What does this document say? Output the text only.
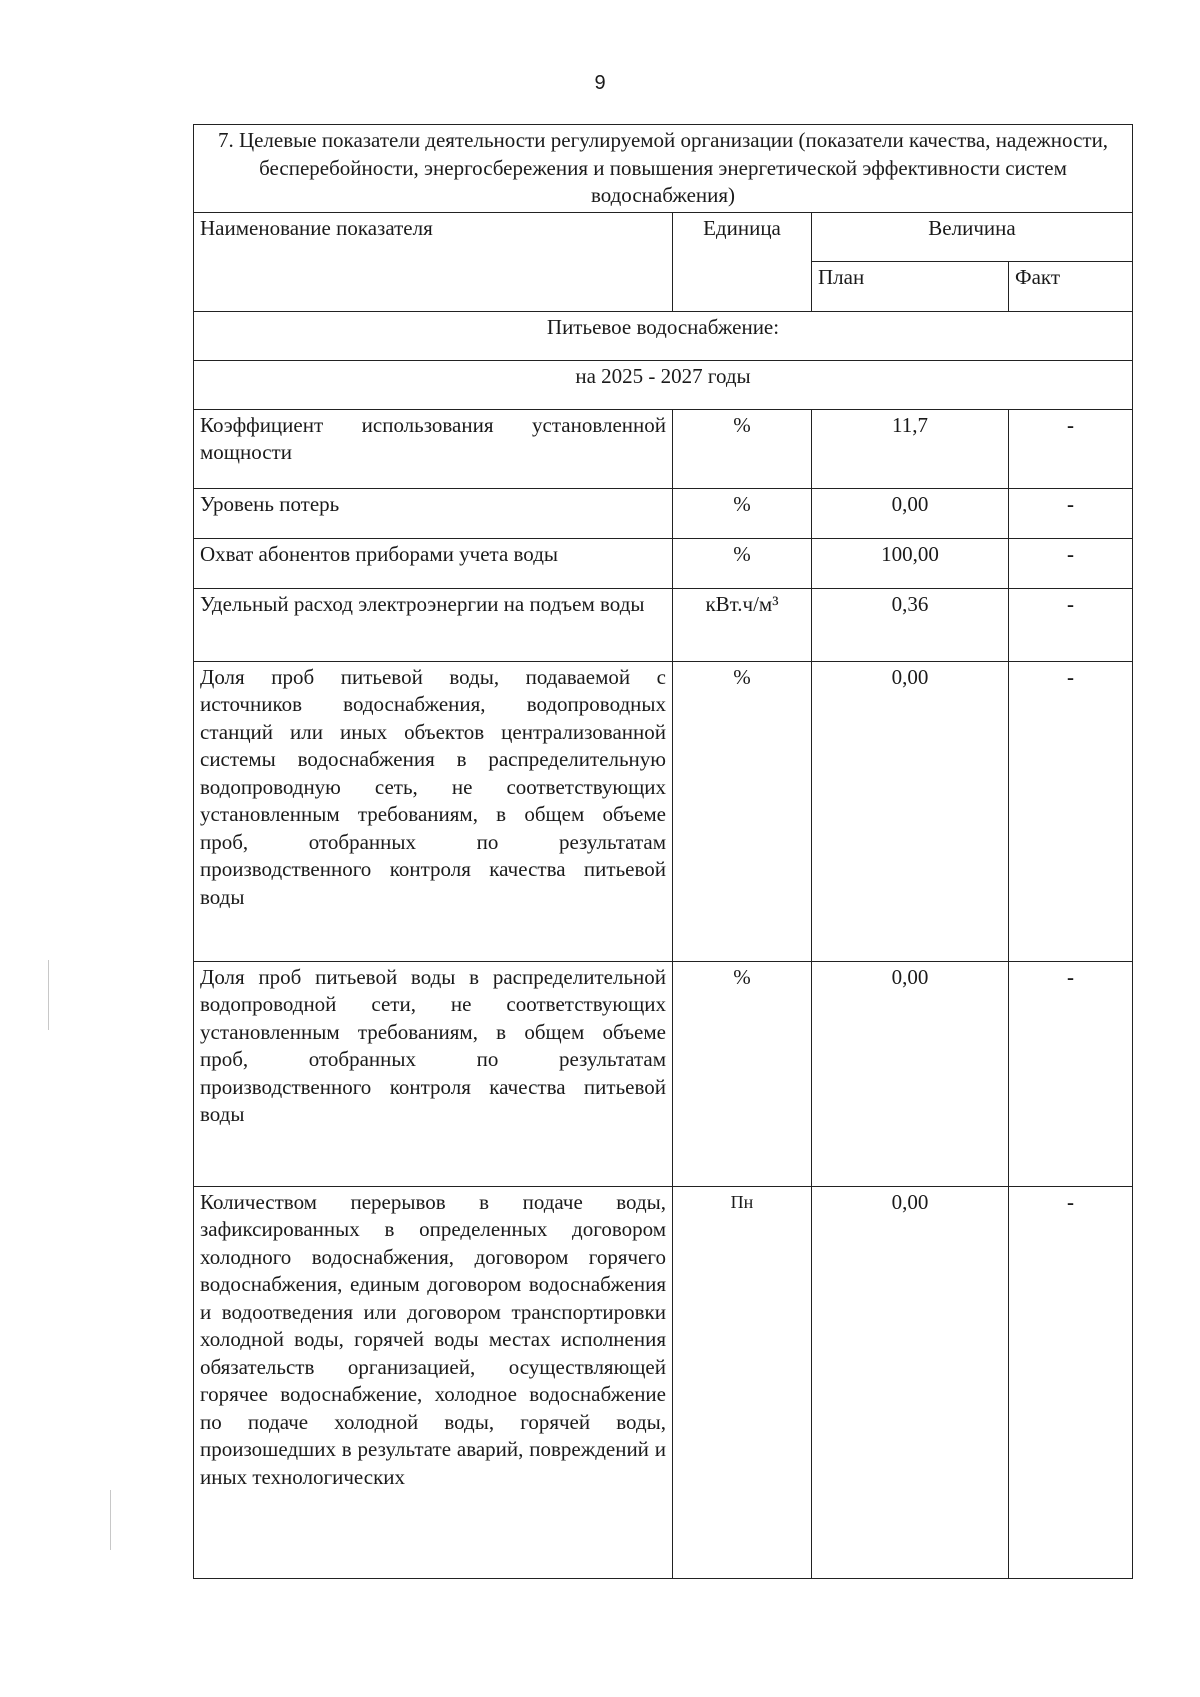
9
7. Целевые показатели деятельности регулируемой организации (показатели качества, надежности, бесперебойности, энергосбережения и повышения энергетической эффективности систем водоснабжения)			
Наименование показателя	Единица	Величина	
		План	Факт
Питьевое водоснабжение:			
на 2025 - 2027 годы			
Коэффициент использования установленной мощности	%	11,7	-
Уровень потерь	%	0,00	-
Охват абонентов приборами учета воды	%	100,00	-
Удельный расход электроэнергии на подъем воды	кВт.ч/м³	0,36	-
Доля проб питьевой воды, подаваемой с источников водоснабжения, водопроводных станций или иных объектов централизованной системы водоснабжения в распределительную водопроводную сеть, не соответствующих установленным требованиям, в общем объеме проб, отобранных по результатам производственного контроля качества питьевой воды	%	0,00	-
Доля проб питьевой воды в распределительной водопроводной сети, не соответствующих установленным требованиям, в общем объеме проб, отобранных по результатам производственного контроля качества питьевой воды	%	0,00	-
Количеством перерывов в подаче воды, зафиксированных в определенных договором холодного водоснабжения, договором горячего водоснабжения, единым договором водоснабжения и водоотведения или договором транспортировки холодной воды, горячей воды местах исполнения обязательств организацией, осуществляющей горячее водоснабжение, холодное водоснабжение по подаче холодной воды, горячей воды, произошедших в результате аварий, повреждений и иных технологических	Пн	0,00	-
